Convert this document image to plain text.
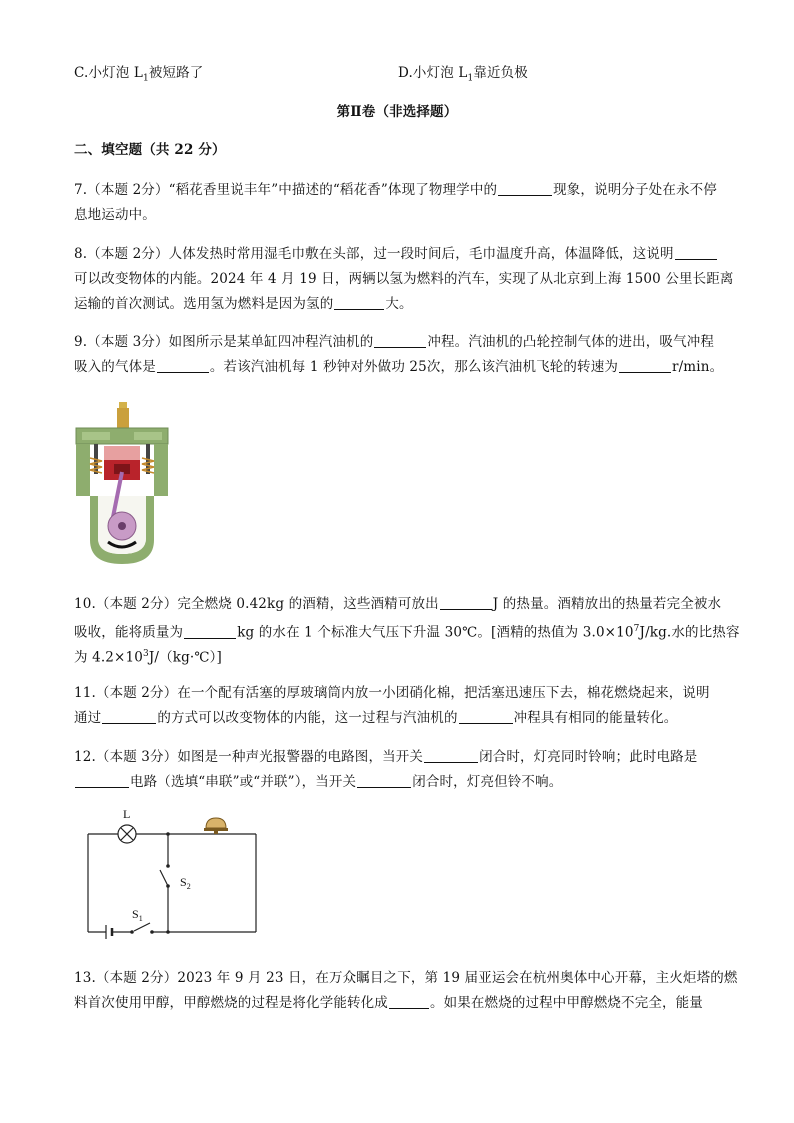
C.小灯泡 $L_1$被短路了	D.小灯泡 $L_1$靠近负极
第Ⅱ卷（非选择题）
二、填空题（共 22 分）
7.（本题 2分）“稻花香里说丰年”中描述的“稻花香”体现了物理学中的	现象，说明分子处在永不停
息地运动中。
8.（本题 2分）人体发热时常用湿毛巾敷在头部，过一段时间后，毛巾温度升高，体温降低，这说明
可以改变物体的内能。2024 年 4 月 19 日，两辆以氢为燃料的汽车，实现了从北京到上海 1500 公里长距离
运输的首次测试。选用氢为燃料是因为氢的	大。
9.（本题 3分）如图所示是某单缸四冲程汽油机的	冲程。汽油机的凸轮控制气体的进出，吸气冲程
吸入的气体是	。若该汽油机每 1 秒钟对外做功 25次，那么该汽油机飞轮的转速为	r/min。
10.（本题 2分）完全燃烧 0.42kg 的酒精，这些酒精可放出	J 的热量。酒精放出的热量若完全被水
吸收，能将质量为	kg 的水在 1 个标准大气压下升温 30℃。[酒精的热值为 $3.0\times 10^7J/kg$.水的比热容
为 $4.2\times 10^3J/(kg\cdot℃)$]
11.（本题 2分）在一个配有活塞的厚玻璃筒内放一小团硝化棉，把活塞迅速压下去，棉花燃烧起来，说明
通过	的方式可以改变物体的内能，这一过程与汽油机的	冲程具有相同的能量转化。
12.（本题 3分）如图是一种声光报警器的电路图，当开关	闭合时，灯亮同时铃响；此时电路是
电路（选填“串联”或“并联”），当开关	闭合时，灯亮但铃不响。
L
$S_1$
$S_2$
13.（本题 2分）2023 年 9 月 23 日，在万众瞩目之下，第 19 届亚运会在杭州奥体中心开幕，主火炬塔的燃
料首次使用甲醇，甲醇燃烧的过程是将化学能转化成	。如果在燃烧的过程中甲醇燃烧不完全，能量
